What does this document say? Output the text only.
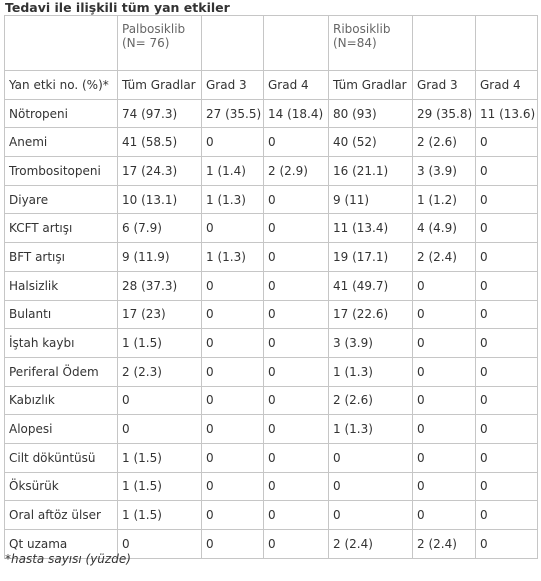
Tedavi ile ilişkili tüm yan etkiler

	Palbosiklib
(N= 76)			Ribosiklib
(N=84)		

Yan etki no. (%)*	Tüm Gradlar	Grad 3	Grad 4	Tüm Gradlar	Grad 3	Grad 4
Nötropeni	74 (97.3)	27 (35.5)	14 (18.4)	80 (93)	29 (35.8)	11 (13.6)
Anemi	41 (58.5)	0	0	40 (52)	2 (2.6)	0
Trombositopeni	17 (24.3)	1 (1.4)	2 (2.9)	16 (21.1)	3 (3.9)	0
Diyare	10 (13.1)	1 (1.3)	0	9 (11)	1 (1.2)	0
KCFT artışı	6 (7.9)	0	0	11 (13.4)	4 (4.9)	0
BFT artışı	9 (11.9)	1 (1.3)	0	19 (17.1)	2 (2.4)	0
Halsizlik	28 (37.3)	0	0	41 (49.7)	0	0
Bulantı	17 (23)	0	0	17 (22.6)	0	0
İştah kaybı	1 (1.5)	0	0	3 (3.9)	0	0
Periferal Ödem	2 (2.3)	0	0	1 (1.3)	0	0
Kabızlık	0	0	0	2 (2.6)	0	0
Alopesi	0	0	0	1 (1.3)	0	0
Cilt döküntüsü	1 (1.5)	0	0	0	0	0
Öksürük	1 (1.5)	0	0	0	0	0
Oral aftöz ülser	1 (1.5)	0	0	0	0	0
Qt uzama	0	0	0	2 (2.4)	2 (2.4)	0
*hasta sayısı (yüzde)
